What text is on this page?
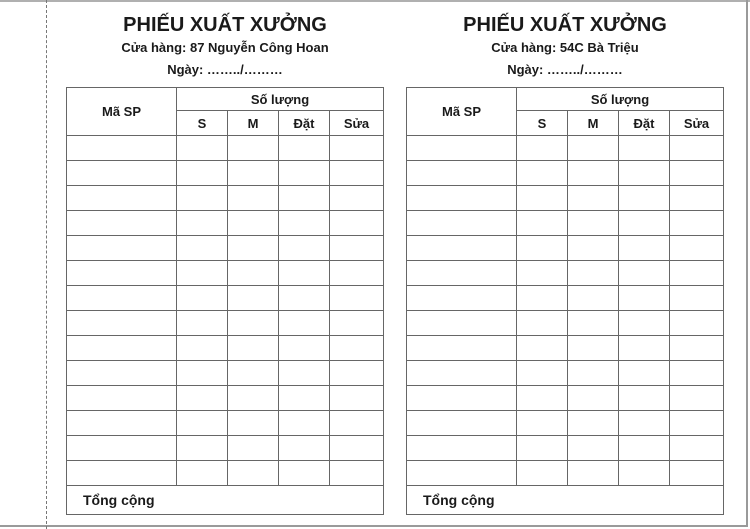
PHIẾU XUẤT XƯỞNG
Cửa hàng: 87 Nguyễn Công Hoan
Ngày: ……../………
Mã SP	Số lượng			
	S	M	Đặt	Sửa

Tổng cộng				
PHIẾU XUẤT XƯỞNG
Cửa hàng: 54C Bà Triệu
Ngày: ……../………
Mã SP	Số lượng			
	S	M	Đặt	Sửa

Tổng cộng				
